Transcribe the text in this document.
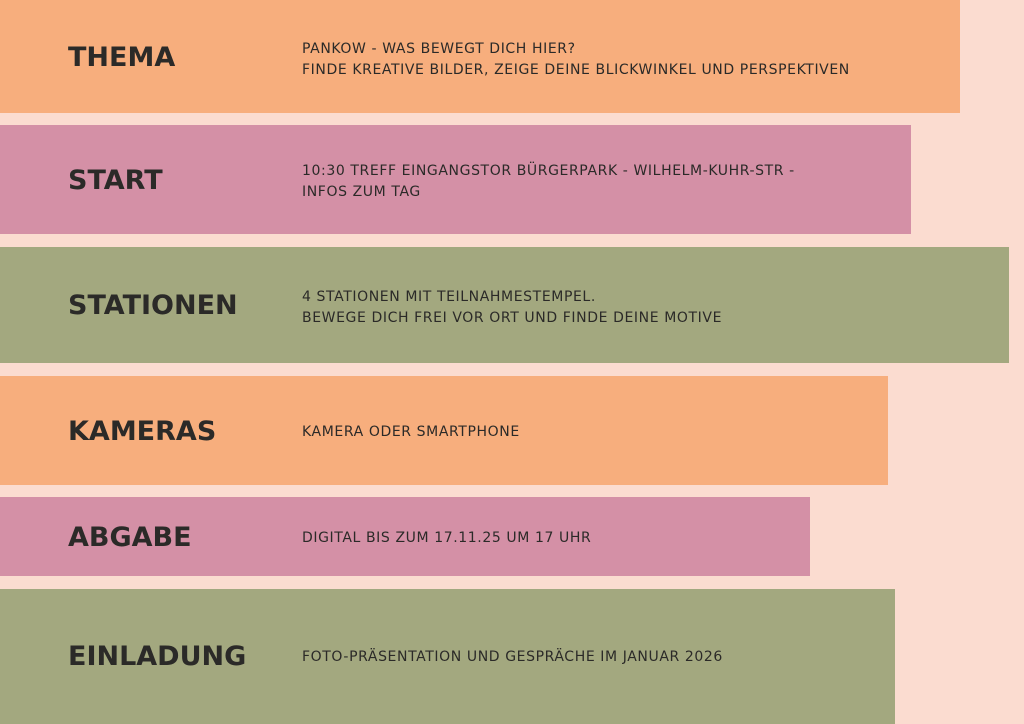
THEMA	PANKOW - WAS BEWEGT DICH HIER?
FINDE KREATIVE BILDER, ZEIGE DEINE BLICKWINKEL UND PERSPEKTIVEN
START	10:30 TREFF EINGANGSTOR BÜRGERPARK - WILHELM-KUHR-STR -
INFOS ZUM TAG
STATIONEN	4 STATIONEN MIT TEILNAHMESTEMPEL.
BEWEGE DICH FREI VOR ORT UND FINDE DEINE MOTIVE
KAMERAS	KAMERA ODER SMARTPHONE
ABGABE	DIGITAL BIS ZUM 17.11.25 UM 17 UHR
EINLADUNG	FOTO-PRÄSENTATION UND GESPRÄCHE IM JANUAR 2026
